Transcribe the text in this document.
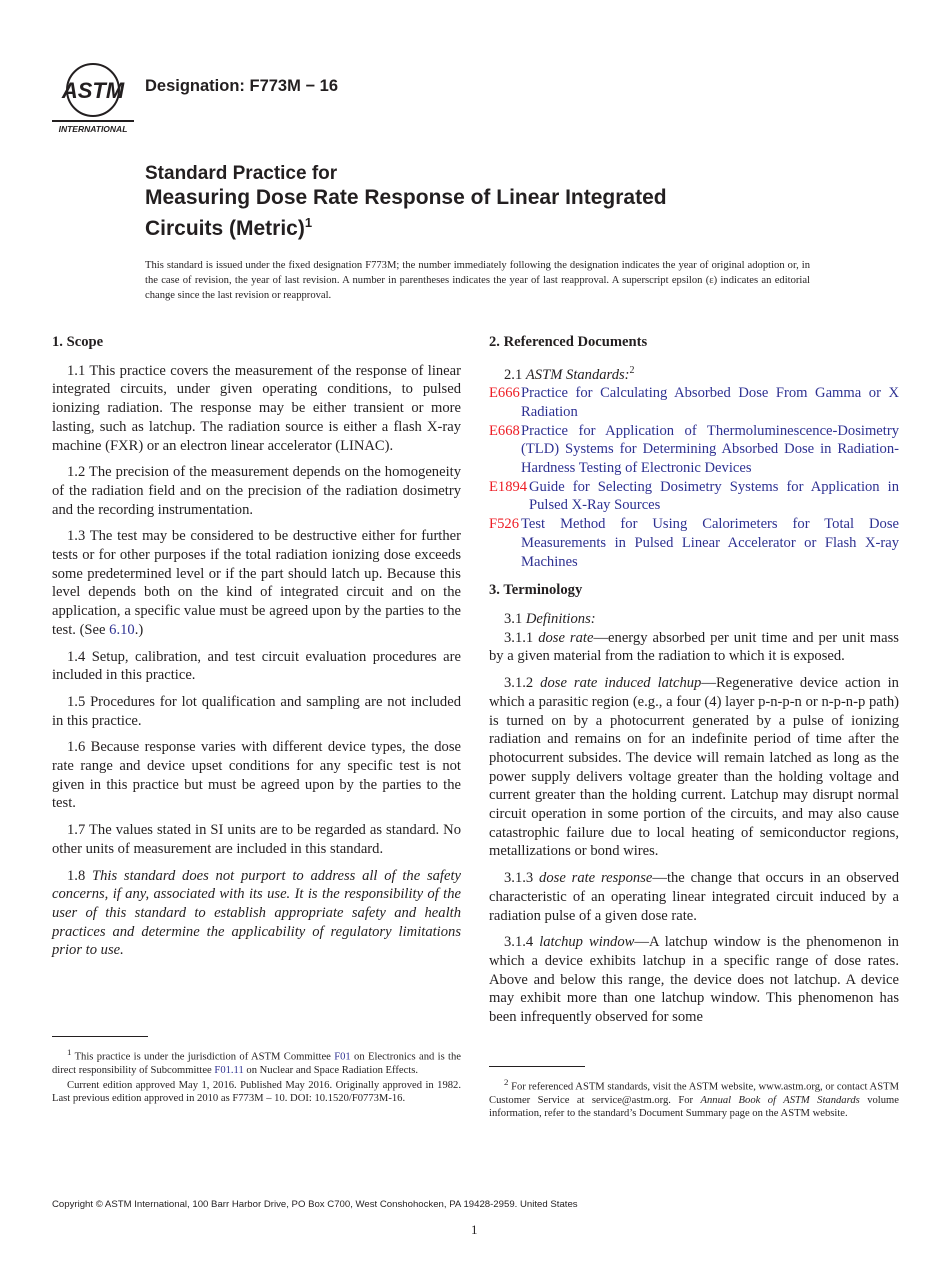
ASTM
INTERNATIONAL
Designation: F773M − 16
Standard Practice for
Measuring Dose Rate Response of Linear Integrated
Circuits (Metric)$^1$
This standard is issued under the fixed designation F773M; the number immediately following the designation indicates the year of original adoption or, in the case of revision, the year of last revision. A number in parentheses indicates the year of last reapproval. A superscript epsilon (ε) indicates an editorial change since the last revision or reapproval.
1. Scope

1.1 This practice covers the measurement of the response of linear integrated circuits, under given operating conditions, to pulsed ionizing radiation. The response may be either transient or more lasting, such as latchup. The radiation source is either a flash X-ray machine (FXR) or an electron linear accelerator (LINAC).

1.2 The precision of the measurement depends on the homogeneity of the radiation field and on the precision of the radiation dosimetry and the recording instrumentation.

1.3 The test may be considered to be destructive either for further tests or for other purposes if the total radiation ionizing dose exceeds some predetermined level or if the part should latch up. Because this level depends both on the kind of integrated circuit and on the application, a specific value must be agreed upon by the parties to the test. (See 6.10.)

1.4 Setup, calibration, and test circuit evaluation procedures are included in this practice.

1.5 Procedures for lot qualification and sampling are not included in this practice.

1.6 Because response varies with different device types, the dose rate range and device upset conditions for any specific test is not given in this practice but must be agreed upon by the parties to the test.

1.7 The values stated in SI units are to be regarded as standard. No other units of measurement are included in this standard.

1.8 This standard does not purport to address all of the safety concerns, if any, associated with its use. It is the responsibility of the user of this standard to establish appropriate safety and health practices and determine the applicability of regulatory limitations prior to use.

2. Referenced Documents

2.1 ASTM Standards:$^2$

E666 Practice for Calculating Absorbed Dose From Gamma or X Radiation
E668 Practice for Application of Thermoluminescence-Dosimetry (TLD) Systems for Determining Absorbed Dose in Radiation-Hardness Testing of Electronic Devices
E1894 Guide for Selecting Dosimetry Systems for Application in Pulsed X-Ray Sources
F526 Test Method for Using Calorimeters for Total Dose Measurements in Pulsed Linear Accelerator or Flash X-ray Machines
3. Terminology

3.1 Definitions:

3.1.1 dose rate—energy absorbed per unit time and per unit mass by a given material from the radiation to which it is exposed.

3.1.2 dose rate induced latchup—Regenerative device action in which a parasitic region (e.g., a four (4) layer p-n-p-n or n-p-n-p path) is turned on by a photocurrent generated by a pulse of ionizing radiation and remains on for an indefinite period of time after the photocurrent subsides. The device will remain latched as long as the power supply delivers voltage greater than the holding voltage and current greater than the holding current. Latchup may disrupt normal circuit operation in some portion of the circuits, and may also cause catastrophic failure due to local heating of semiconductor regions, metallizations or bond wires.

3.1.3 dose rate response—the change that occurs in an observed characteristic of an operating linear integrated circuit induced by a radiation pulse of a given dose rate.

3.1.4 latchup window—A latchup window is the phenomenon in which a device exhibits latchup in a specific range of dose rates. Above and below this range, the device does not latchup. A device may exhibit more than one latchup window. This phenomenon has been infrequently observed for some

$^1$ This practice is under the jurisdiction of ASTM Committee F01 on Electronics and is the direct responsibility of Subcommittee F01.11 on Nuclear and Space Radiation Effects.

Current edition approved May 1, 2016. Published May 2016. Originally approved in 1982. Last previous edition approved in 2010 as F773M – 10. DOI: 10.1520/F0773M-16.

$^2$ For referenced ASTM standards, visit the ASTM website, www.astm.org, or contact ASTM Customer Service at service@astm.org. For Annual Book of ASTM Standards volume information, refer to the standard’s Document Summary page on the ASTM website.

Copyright © ASTM International, 100 Barr Harbor Drive, PO Box C700, West Conshohocken, PA 19428-2959. United States
1
